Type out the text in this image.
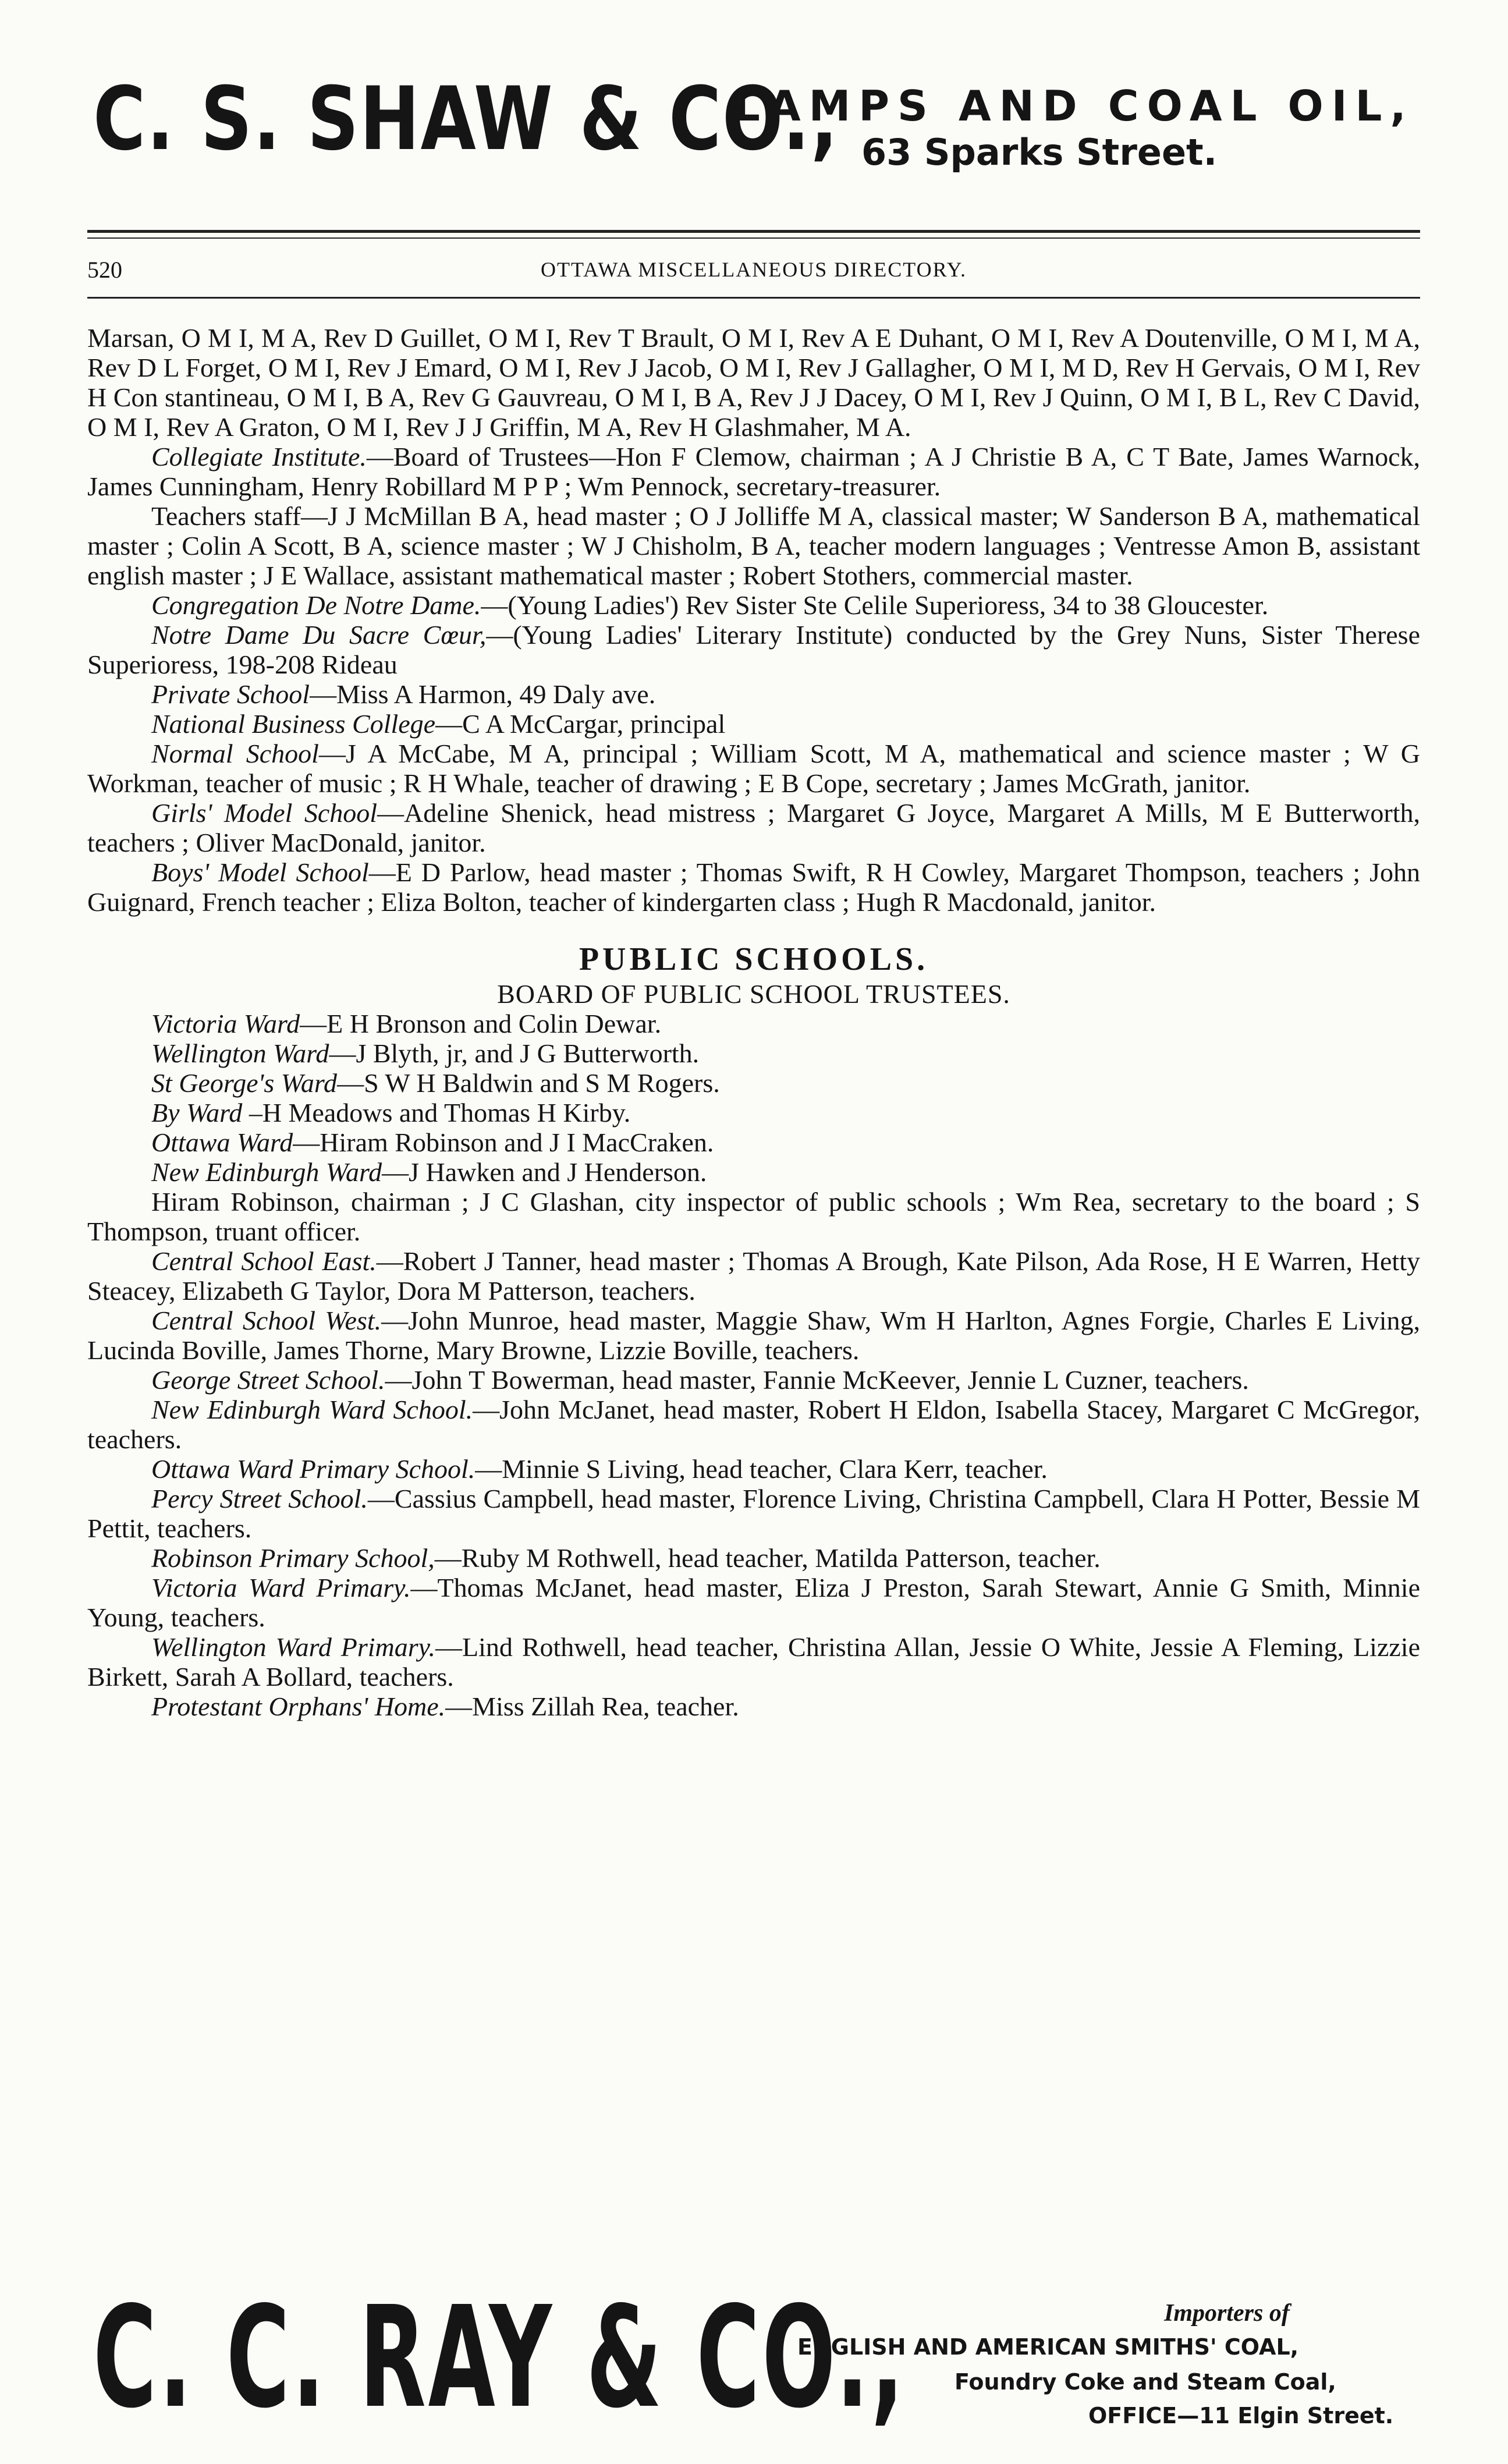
C. S. SHAW & CO.,
LAMPS AND COAL OIL,
63 Sparks Street.
520	OTTAWA MISCELLANEOUS DIRECTORY.

Marsan, O M I, M A, Rev D Guillet, O M I, Rev T Brault, O M I, Rev A E Duhant, O M I, Rev A Doutenville, O M I, M A, Rev D L Forget, O M I, Rev J Emard, O M I, Rev J Jacob, O M I, Rev J Gallagher, O M I, M D, Rev H Gervais, O M I, Rev H Con stantineau, O M I, B A, Rev G Gauvreau, O M I, B A, Rev J J Dacey, O M I, Rev J Quinn, O M I, B L, Rev C David, O M I, Rev A Graton, O M I, Rev J J Griffin, M A, Rev H Glashmaher, M A.

Collegiate Institute.—Board of Trustees—Hon F Clemow, chairman ; A J Christie B A, C T Bate, James Warnock, James Cunningham, Henry Robillard M P P ; Wm Pennock, secretary-treasurer.

Teachers staff—J J McMillan B A, head master ; O J Jolliffe M A, classical master; W Sanderson B A, mathematical master ; Colin A Scott, B A, science master ; W J Chisholm, B A, teacher modern languages ; Ventresse Amon B, assistant english master ; J E Wallace, assistant mathematical master ; Robert Stothers, commercial master.

Congregation De Notre Dame.—(Young Ladies') Rev Sister Ste Celile Superioress, 34 to 38 Gloucester.

Notre Dame Du Sacre Cœur,—(Young Ladies' Literary Institute) conducted by the Grey Nuns, Sister Therese Superioress, 198-208 Rideau

Private School—Miss A Harmon, 49 Daly ave.

National Business College—C A McCargar, principal

Normal School—J A McCabe, M A, principal ; William Scott, M A, mathematical and science master ; W G Workman, teacher of music ; R H Whale, teacher of drawing ; E B Cope, secretary ; James McGrath, janitor.

Girls' Model School—Adeline Shenick, head mistress ; Margaret G Joyce, Margaret A Mills, M E Butterworth, teachers ; Oliver MacDonald, janitor.

Boys' Model School—E D Parlow, head master ; Thomas Swift, R H Cowley, Margaret Thompson, teachers ; John Guignard, French teacher ; Eliza Bolton, teacher of kindergarten class ; Hugh R Macdonald, janitor.

PUBLIC SCHOOLS.

BOARD OF PUBLIC SCHOOL TRUSTEES.

Victoria Ward—E H Bronson and Colin Dewar.

Wellington Ward—J Blyth, jr, and J G Butterworth.

St George's Ward—S W H Baldwin and S M Rogers.

By Ward –H Meadows and Thomas H Kirby.

Ottawa Ward—Hiram Robinson and J I MacCraken.

New Edinburgh Ward—J Hawken and J Henderson.

Hiram Robinson, chairman ; J C Glashan, city inspector of public schools ; Wm Rea, secretary to the board ; S Thompson, truant officer.

Central School East.—Robert J Tanner, head master ; Thomas A Brough, Kate Pilson, Ada Rose, H E Warren, Hetty Steacey, Elizabeth G Taylor, Dora M Patterson, teachers.

Central School West.—John Munroe, head master, Maggie Shaw, Wm H Harlton, Agnes Forgie, Charles E Living, Lucinda Boville, James Thorne, Mary Browne, Lizzie Boville, teachers.

George Street School.—John T Bowerman, head master, Fannie McKeever, Jennie L Cuzner, teachers.

New Edinburgh Ward School.—John McJanet, head master, Robert H Eldon, Isabella Stacey, Margaret C McGregor, teachers.

Ottawa Ward Primary School.—Minnie S Living, head teacher, Clara Kerr, teacher.

Percy Street School.—Cassius Campbell, head master, Florence Living, Christina Campbell, Clara H Potter, Bessie M Pettit, teachers.

Robinson Primary School,—Ruby M Rothwell, head teacher, Matilda Patterson, teacher.

Victoria Ward Primary.—Thomas McJanet, head master, Eliza J Preston, Sarah Stewart, Annie G Smith, Minnie Young, teachers.

Wellington Ward Primary.—Lind Rothwell, head teacher, Christina Allan, Jessie O White, Jessie A Fleming, Lizzie Birkett, Sarah A Bollard, teachers.

Protestant Orphans' Home.—Miss Zillah Rea, teacher.

C. C. RAY & CO.,	Importers of
ENGLISH AND AMERICAN SMITHS' COAL,
Foundry Coke and Steam Coal,
OFFICE—11 Elgin Street.
